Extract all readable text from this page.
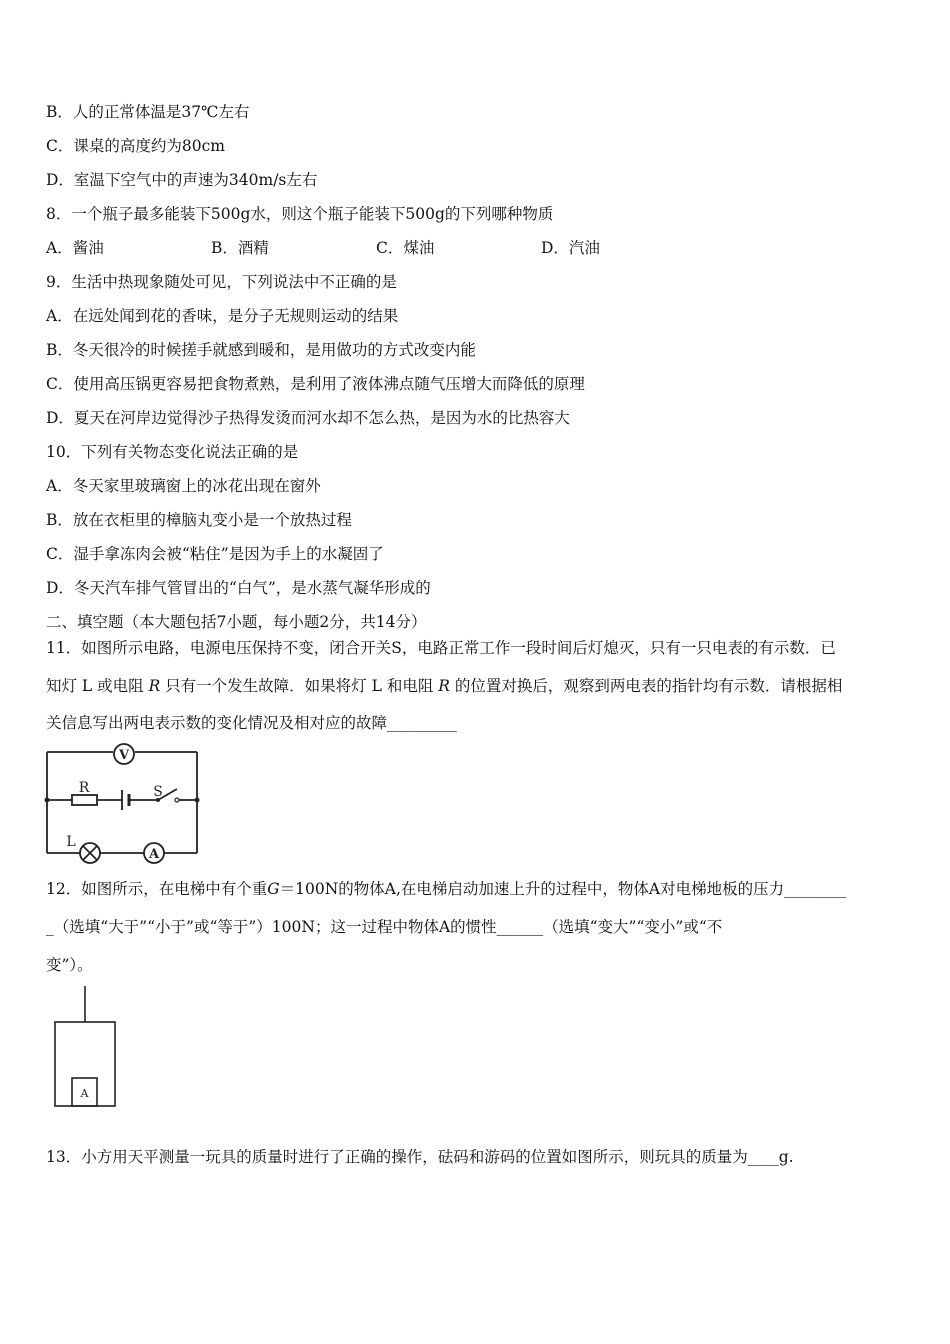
B．人的正常体温是37℃左右
C．课桌的高度约为80cm
D．室温下空气中的声速为340m/s左右
8．一个瓶子最多能装下500g水，则这个瓶子能装下500g的下列哪种物质
A．酱油	B．酒精	C．煤油	D．汽油
9．生活中热现象随处可见，下列说法中不正确的是
A．在远处闻到花的香味，是分子无规则运动的结果
B．冬天很冷的时候搓手就感到暖和，是用做功的方式改变内能
C．使用高压锅更容易把食物煮熟，是利用了液体沸点随气压增大而降低的原理
D．夏天在河岸边觉得沙子热得发烫而河水却不怎么热，是因为水的比热容大
10．下列有关物态变化说法正确的是
A．冬天家里玻璃窗上的冰花出现在窗外
B．放在衣柜里的樟脑丸变小是一个放热过程
C．湿手拿冻肉会被“粘住”是因为手上的水凝固了
D．冬天汽车排气管冒出的“白气”，是水蒸气凝华形成的
二、填空题（本大题包括7小题，每小题2分，共14分）
11．如图所示电路，电源电压保持不变，闭合开关S，电路正常工作一段时间后灯熄灭，只有一只电表的有示数．已
知灯 L 或电阻 R 只有一个发生故障．如果将灯 L 和电阻 R 的位置对换后，观察到两电表的指针均有示数．请根据相
关信息写出两电表示数的变化情况及相对应的故障_________
V
A
R	S
L
12．如图所示，在电梯中有个重G＝100N的物体A,在电梯启动加速上升的过程中，物体A对电梯地板的压力________
_（选填“大于”“小于”或“等于”）100N；这一过程中物体A的惯性______（选填“变大”“变小”或“不
变”）。
A
13．小方用天平测量一玩具的质量时进行了正确的操作，砝码和游码的位置如图所示，则玩具的质量为____g.
